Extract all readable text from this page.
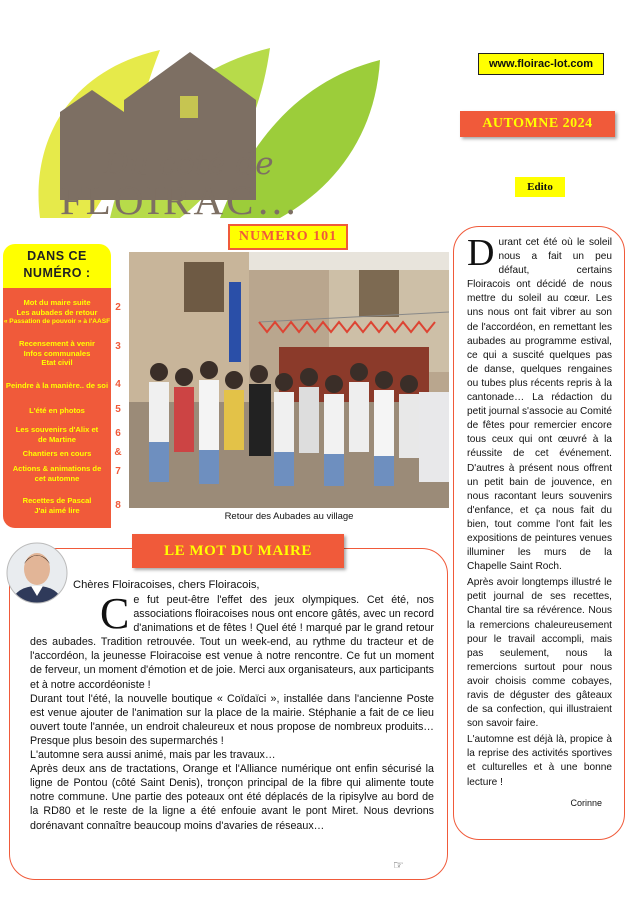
Du côté de
FLOIRAC…
www.floirac-lot.com
AUTOMNE 2024
Edito
NUMERO 101
DANS CE
NUMÉRO :
Mot du maire suite
Les aubades de retour
« Passation de pouvoir » à l'AASF
2
Recensement à venir
Infos communales
Etat civil
3
Peindre à la manière.. de soi 4
L'été en photos	5
Les souvenirs d'Alix et
de Martine	6
Chantiers en cours	&
Actions & animations de
cet automne
7
Recettes de Pascal
J'ai aimé lire	8
Retour des Aubades au village

Durant cet été où le soleil nous a fait un peu défaut, certains Floiracois ont décidé de nous mettre du soleil au cœur. Les uns nous ont fait vibrer au son de l'accordéon, en remettant les aubades au programme estival, ce qui a suscité quelques pas de danse, quelques rengaines ou tubes plus récents repris à la cantonade… La rédaction du petit journal s'associe au Comité de fêtes pour remercier encore tous ceux qui ont œuvré à la réussite de cet événement. D'autres à présent nous offrent un petit bain de jouvence, en nous racontant leurs souvenirs d'enfance, et ça nous fait du bien, tout comme l'ont fait les expositions de peintures venues illuminer les murs de la Chapelle Saint Roch.

Après avoir longtemps illustré le petit journal de ses recettes, Chantal tire sa révérence. Nous la remercions chaleureusement pour le travail accompli, mais pas seulement, nous la remercions surtout pour nous avoir choisis comme cobayes, ravis de déguster des gâteaux de sa confection, qui illustraient son savoir faire.

L'automne est déjà là, propice à la reprise des activités sportives et culturelles et à une bonne lecture !

Corinne

LE MOT DU MAIRE
Chères Floiracoises, chers Floiracois,

Ce fut peut-être l'effet des jeux olympiques. Cet été, nos associations floiracoises nous ont encore gâtés, avec un record d'animations et de fêtes ! Quel été ! marqué par le grand retour des aubades. Tradition retrouvée. Tout un week-end, au rythme du tracteur et de l'accordéon, la jeunesse Floiracoise est venue à notre rencontre. Ce fut un moment de ferveur, un moment d'émotion et de joie. Merci aux organisateurs, aux participants et à notre accordéoniste !

Durant tout l'été, la nouvelle boutique « Coïdaïci », installée dans l'ancienne Poste est venue ajouter de l'animation sur la place de la mairie. Stéphanie a fait de ce lieu ouvert toute l'année, un endroit chaleureux et nous propose de nombreux produits… Presque plus besoin des supermarchés !

L'automne sera aussi animé, mais par les travaux…

Après deux ans de tractations, Orange et l'Alliance numérique ont enfin sécurisé la ligne de Pontou (côté Saint Denis), tronçon principal de la fibre qui alimente toute notre commune. Une partie des poteaux ont été déplacés de la ripisylve au bord de la RD80 et le reste de la ligne a été enfouie avant le pont Miret. Nous devrions dorénavant connaître beaucoup moins d'avaries de réseaux…

☞
